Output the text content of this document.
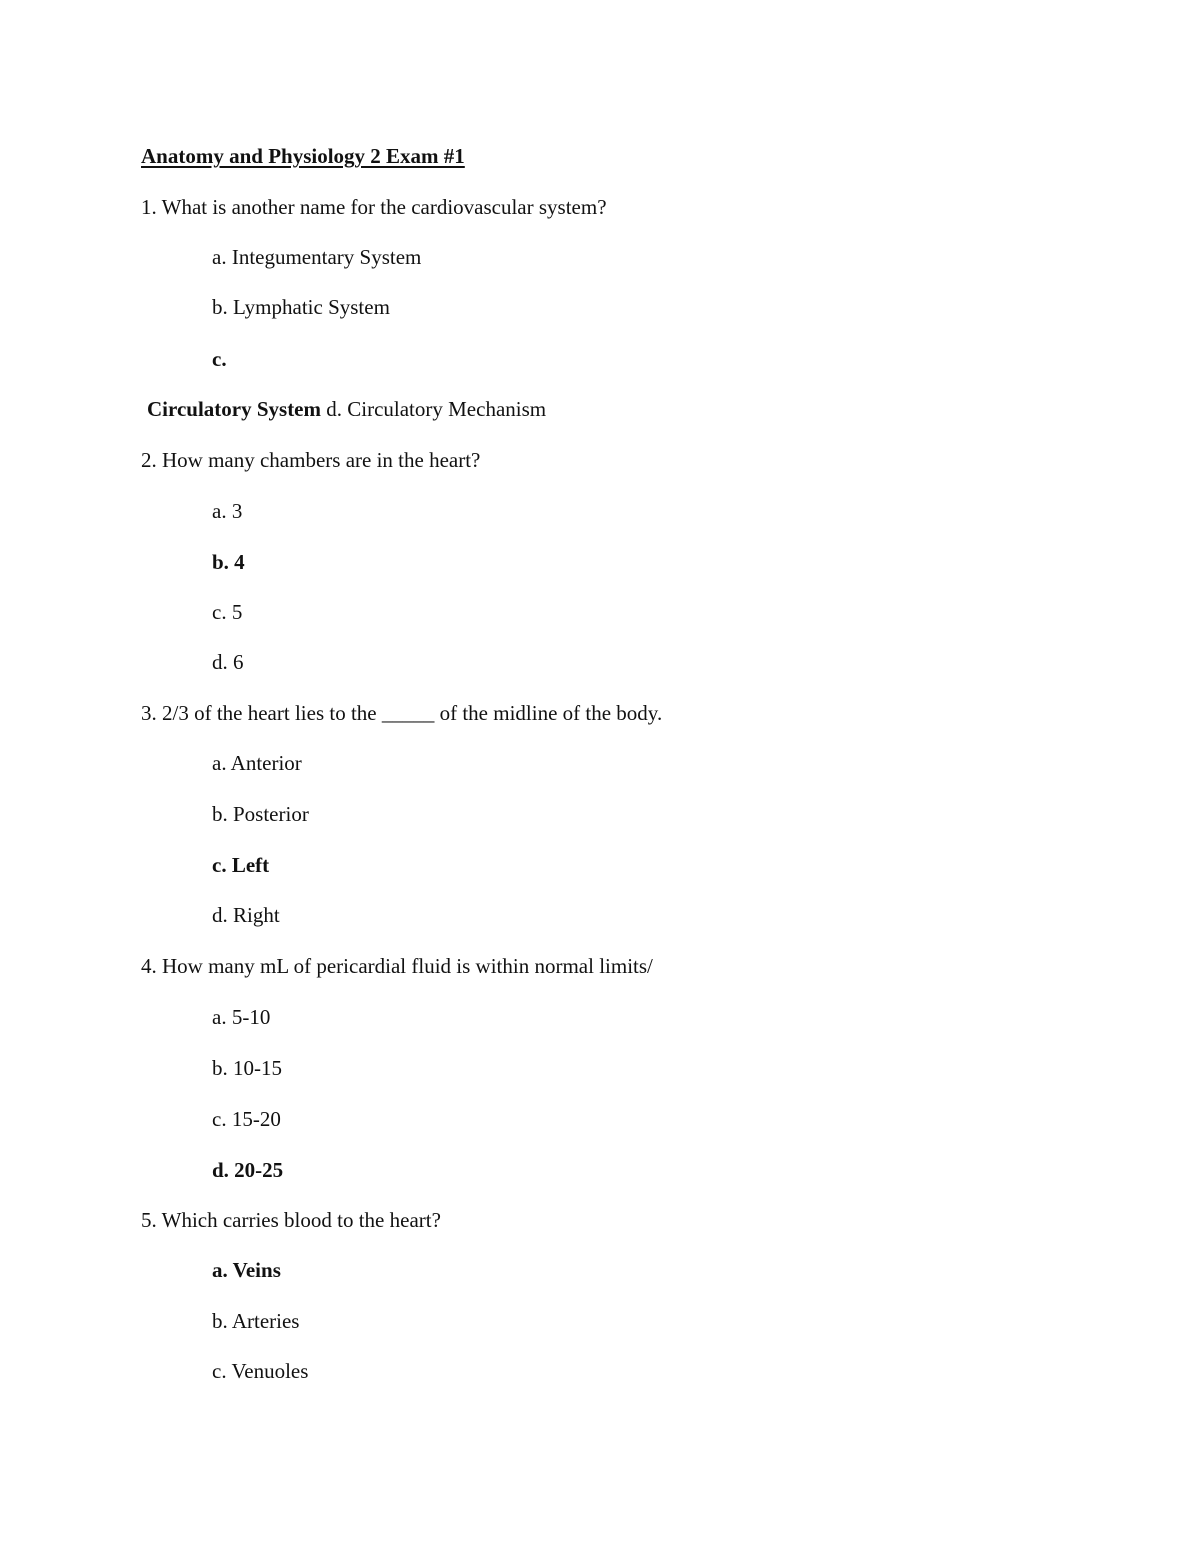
Anatomy and Physiology 2 Exam #1
1. What is another name for the cardiovascular system?
a. Integumentary System
b. Lymphatic System
c.
Circulatory System d. Circulatory Mechanism
2. How many chambers are in the heart?
a. 3
b. 4
c. 5
d. 6
3. 2/3 of the heart lies to the _____ of the midline of the body.
a. Anterior
b. Posterior
c. Left
d. Right
4. How many mL of pericardial fluid is within normal limits/
a. 5-10
b. 10-15
c. 15-20
d. 20-25
5. Which carries blood to the heart?
a. Veins
b. Arteries
c. Venuoles
